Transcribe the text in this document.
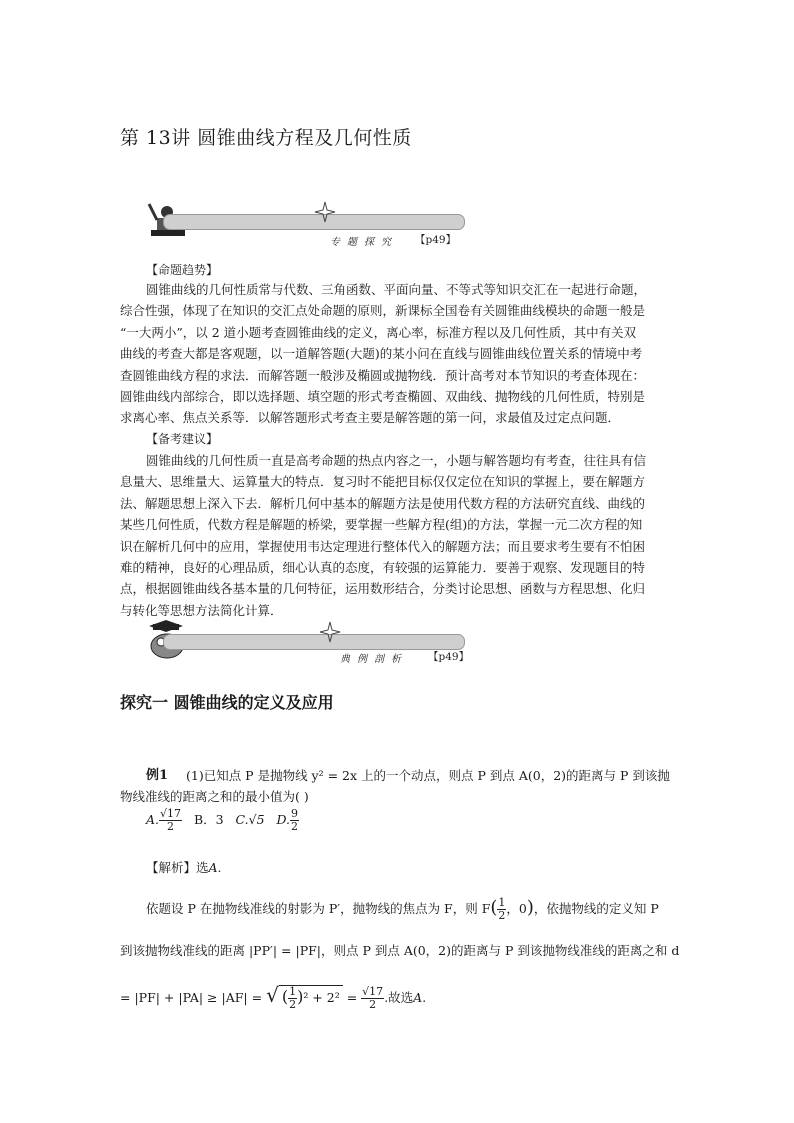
第 13讲 圆锥曲线方程及几何性质
专题探究 【p49】
【命题趋势】
圆锥曲线的几何性质常与代数、三角函数、平面向量、不等式等知识交汇在一起进行命题，
综合性强，体现了在知识的交汇点处命题的原则，新课标全国卷有关圆锥曲线模块的命题一般是
“一大两小”，以 2 道小题考查圆锥曲线的定义，离心率，标准方程以及几何性质，其中有关双
曲线的考查大都是客观题，以一道解答题(大题)的某小问在直线与圆锥曲线位置关系的情境中考
查圆锥曲线方程的求法．而解答题一般涉及椭圆或抛物线．预计高考对本节知识的考查体现在：
圆锥曲线内部综合，即以选择题、填空题的形式考查椭圆、双曲线、抛物线的几何性质，特别是
求离心率、焦点关系等．以解答题形式考查主要是解答题的第一问，求最值及过定点问题．
【备考建议】
圆锥曲线的几何性质一直是高考命题的热点内容之一，小题与解答题均有考查，往往具有信
息量大、思维量大、运算量大的特点．复习时不能把目标仅仅定位在知识的掌握上，要在解题方
法、解题思想上深入下去．解析几何中基本的解题方法是使用代数方程的方法研究直线、曲线的
某些几何性质，代数方程是解题的桥梁，要掌握一些解方程(组)的方法，掌握一元二次方程的知
识在解析几何中的应用，掌握使用韦达定理进行整体代入的解题方法；而且要求考生要有不怕困
难的精神，良好的心理品质，细心认真的态度，有较强的运算能力．要善于观察、发现题目的特
点，根据圆锥曲线各基本量的几何特征，运用数形结合，分类讨论思想、函数与方程思想、化归
与转化等思想方法简化计算．
典例剖析 【p49】
探究一 圆锥曲线的定义及应用
例1 (1)已知点 P 是抛物线 y² = 2x 上的一个动点，则点 P 到点 A(0，2)的距离与 P 到该抛
物线准线的距离之和的最小值为( )
A. $\frac{√17}{2}$ B．3 C.√5 D. $\frac{9}{2}$
【解析】选A.
依题设 P 在抛物线准线的射影为 P′，抛物线的焦点为 F，则 $F( \frac{1}{2}$ ，0)，依抛物线的定义知 P
到该抛物线准线的距离 |PP′| = |PF|，则点 P 到点 A(0，2)的距离与 P 到该抛物线准线的距离之和 d
= |PF| + |PA| ≥ |AF| = √ ( $\frac{1}{2} )^2 + 2^2 = \frac{√17}{2}$ .故选A.
